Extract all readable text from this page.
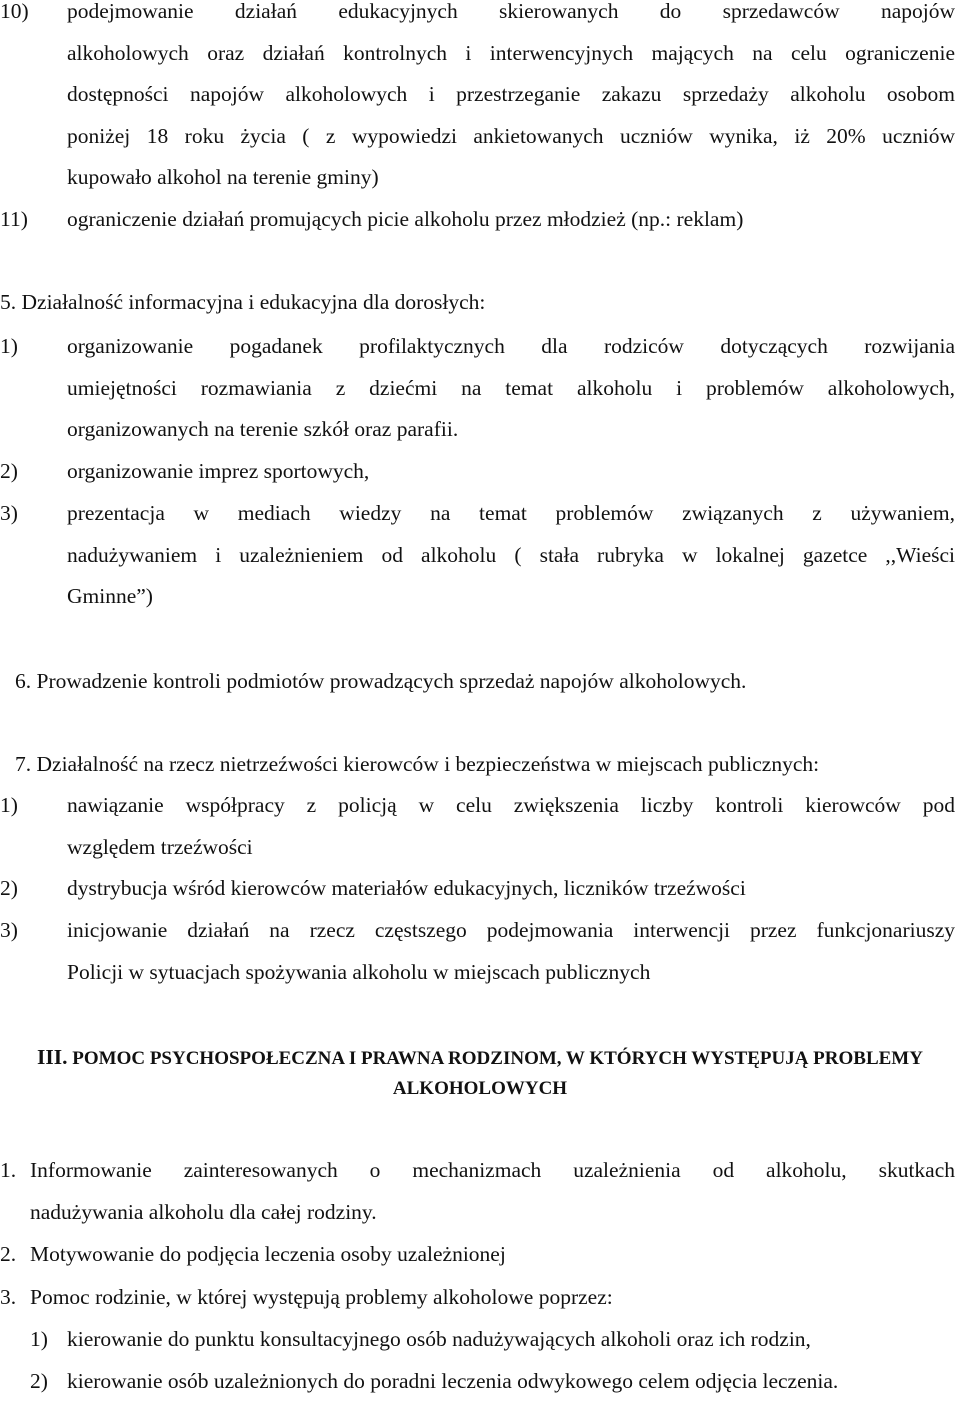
10) podejmowanie działań edukacyjnych skierowanych do sprzedawców napojów
alkoholowych oraz działań kontrolnych i interwencyjnych mających na celu ograniczenie
dostępności napojów alkoholowych i przestrzeganie zakazu sprzedaży alkoholu osobom
poniżej 18 roku życia ( z wypowiedzi ankietowanych uczniów wynika, iż 20% uczniów
kupowało alkohol na terenie gminy)
11) ograniczenie działań promujących picie alkoholu przez młodzież (np.: reklam)
5. Działalność informacyjna i edukacyjna dla dorosłych:
1) organizowanie pogadanek profilaktycznych dla rodziców dotyczących rozwijania
umiejętności rozmawiania z dziećmi na temat alkoholu i problemów alkoholowych,
organizowanych na terenie szkół oraz parafii.
2) organizowanie imprez sportowych,
3) prezentacja w mediach wiedzy na temat problemów związanych z używaniem,
nadużywaniem i uzależnieniem od alkoholu ( stała rubryka w lokalnej gazetce ,,Wieści
Gminne”)
6. Prowadzenie kontroli podmiotów prowadzących sprzedaż napojów alkoholowych.
7. Działalność na rzecz nietrzeźwości kierowców i bezpieczeństwa w miejscach publicznych:
1) nawiązanie współpracy z policją w celu zwiększenia liczby kontroli kierowców pod
względem trzeźwości
2) dystrybucja wśród kierowców materiałów edukacyjnych, liczników trzeźwości
3) inicjowanie działań na rzecz częstszego podejmowania interwencji przez funkcjonariuszy
Policji w sytuacjach spożywania alkoholu w miejscach publicznych
III. POMOC PSYCHOSPOŁECZNA I PRAWNA RODZINOM, W KTÓRYCH WYSTĘPUJĄ PROBLEMY
ALKOHOLOWYCH
1. Informowanie zainteresowanych o mechanizmach uzależnienia od alkoholu, skutkach
nadużywania alkoholu dla całej rodziny.
2. Motywowanie do podjęcia leczenia osoby uzależnionej
3. Pomoc rodzinie, w której występują problemy alkoholowe poprzez:
1) kierowanie do punktu konsultacyjnego osób nadużywających alkoholi oraz ich rodzin,
2) kierowanie osób uzależnionych do poradni leczenia odwykowego celem odjęcia leczenia.
